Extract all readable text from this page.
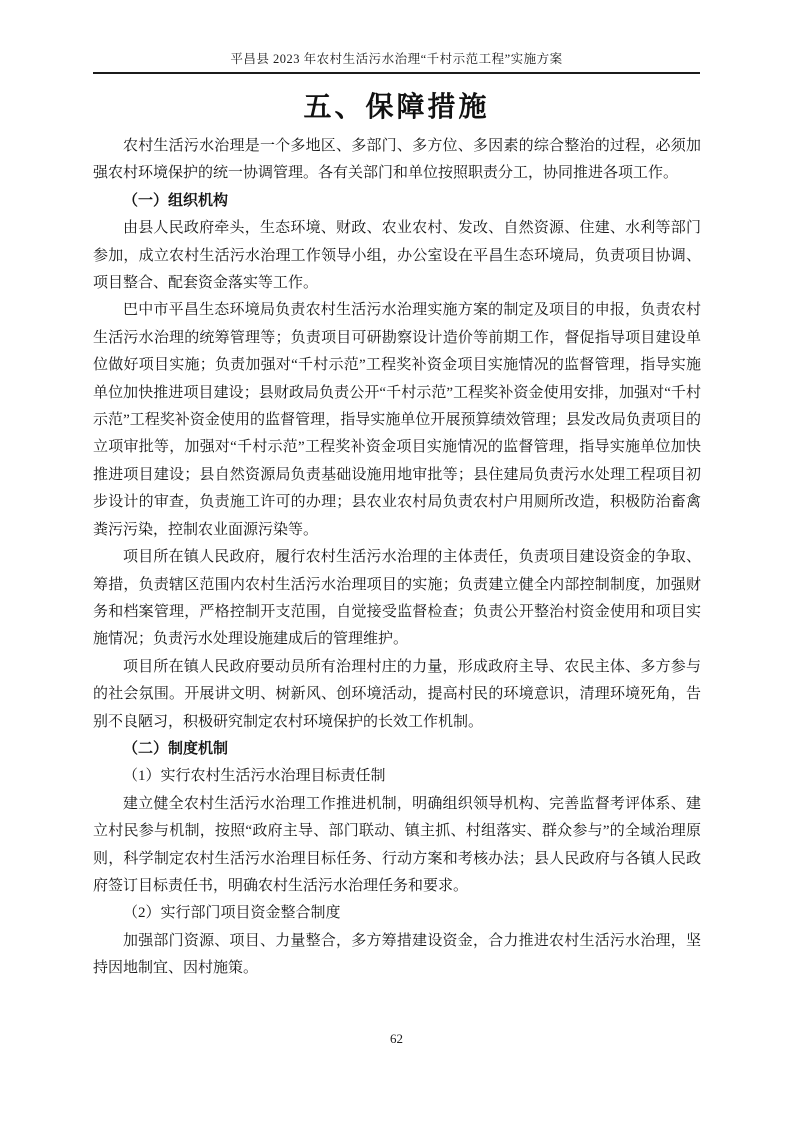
平昌县 2023 年农村生活污水治理“千村示范工程”实施方案
五、保障措施

农村生活污水治理是一个多地区、多部门、多方位、多因素的综合整治的过程，必须加强农村环境保护的统一协调管理。各有关部门和单位按照职责分工，协同推进各项工作。

（一）组织机构

由县人民政府牵头，生态环境、财政、农业农村、发改、自然资源、住建、水利等部门参加，成立农村生活污水治理工作领导小组，办公室设在平昌生态环境局，负责项目协调、项目整合、配套资金落实等工作。

巴中市平昌生态环境局负责农村生活污水治理实施方案的制定及项目的申报，负责农村生活污水治理的统筹管理等；负责项目可研勘察设计造价等前期工作，督促指导项目建设单位做好项目实施；负责加强对“千村示范”工程奖补资金项目实施情况的监督管理，指导实施单位加快推进项目建设；县财政局负责公开“千村示范”工程奖补资金使用安排，加强对“千村示范”工程奖补资金使用的监督管理，指导实施单位开展预算绩效管理；县发改局负责项目的立项审批等，加强对“千村示范”工程奖补资金项目实施情况的监督管理，指导实施单位加快推进项目建设；县自然资源局负责基础设施用地审批等；县住建局负责污水处理工程项目初步设计的审查，负责施工许可的办理；县农业农村局负责农村户用厕所改造，积极防治畜禽粪污污染，控制农业面源污染等。

项目所在镇人民政府，履行农村生活污水治理的主体责任，负责项目建设资金的争取、筹措，负责辖区范围内农村生活污水治理项目的实施；负责建立健全内部控制制度，加强财务和档案管理，严格控制开支范围，自觉接受监督检查；负责公开整治村资金使用和项目实施情况；负责污水处理设施建成后的管理维护。

项目所在镇人民政府要动员所有治理村庄的力量，形成政府主导、农民主体、多方参与的社会氛围。开展讲文明、树新风、创环境活动，提高村民的环境意识，清理环境死角，告别不良陋习，积极研究制定农村环境保护的长效工作机制。

（二）制度机制

（1）实行农村生活污水治理目标责任制

建立健全农村生活污水治理工作推进机制，明确组织领导机构、完善监督考评体系、建立村民参与机制，按照“政府主导、部门联动、镇主抓、村组落实、群众参与”的全域治理原则，科学制定农村生活污水治理目标任务、行动方案和考核办法；县人民政府与各镇人民政府签订目标责任书，明确农村生活污水治理任务和要求。

（2）实行部门项目资金整合制度

加强部门资源、项目、力量整合，多方筹措建设资金，合力推进农村生活污水治理，坚持因地制宜、因村施策。

62
